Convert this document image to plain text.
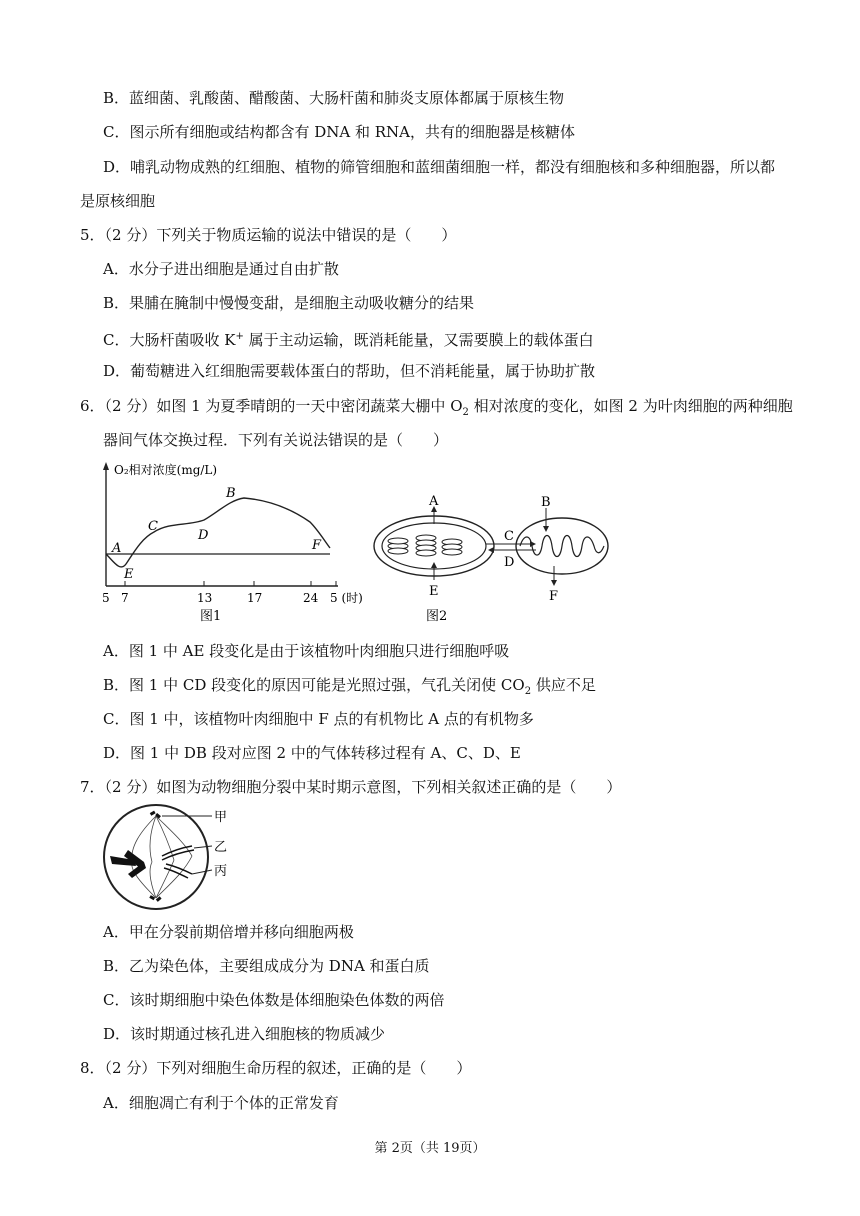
B．蓝细菌、乳酸菌、醋酸菌、大肠杆菌和肺炎支原体都属于原核生物
C．图示所有细胞或结构都含有 DNA 和 RNA，共有的细胞器是核糖体
D．哺乳动物成熟的红细胞、植物的筛管细胞和蓝细菌细胞一样，都没有细胞核和多种细胞器，所以都
是原核细胞
5．（2 分）下列关于物质运输的说法中错误的是（　　）
A．水分子进出细胞是通过自由扩散
B．果脯在腌制中慢慢变甜，是细胞主动吸收糖分的结果
C．大肠杆菌吸收 K+ 属于主动运输，既消耗能量，又需要膜上的载体蛋白
D．葡萄糖进入红细胞需要载体蛋白的帮助，但不消耗能量，属于协助扩散
6．（2 分）如图 1 为夏季晴朗的一天中密闭蔬菜大棚中 $O_2$ 相对浓度的变化，如图 2 为叶肉细胞的两种细胞
器间气体交换过程．下列有关说法错误的是（　　）
O₂相对浓度(mg/L)
A
B
C
D
E
F
5 7	13	17	24 5 (时)
图1
A	B
C
D
E	F
图2
A．图 1 中 AE 段变化是由于该植物叶肉细胞只进行细胞呼吸
B．图 1 中 CD 段变化的原因可能是光照过强，气孔关闭使 $CO_2$ 供应不足
C．图 1 中，该植物叶肉细胞中 F 点的有机物比 A 点的有机物多
D．图 1 中 DB 段对应图 2 中的气体转移过程有 A、C、D、E
7．（2 分）如图为动物细胞分裂中某时期示意图，下列相关叙述正确的是（　　）
甲
乙
丙
A．甲在分裂前期倍增并移向细胞两极
B．乙为染色体，主要组成成分为 DNA 和蛋白质
C．该时期细胞中染色体数是体细胞染色体数的两倍
D．该时期通过核孔进入细胞核的物质减少
8．（2 分）下列对细胞生命历程的叙述，正确的是（　　）
A．细胞凋亡有利于个体的正常发育
第 2页（共 19页）
